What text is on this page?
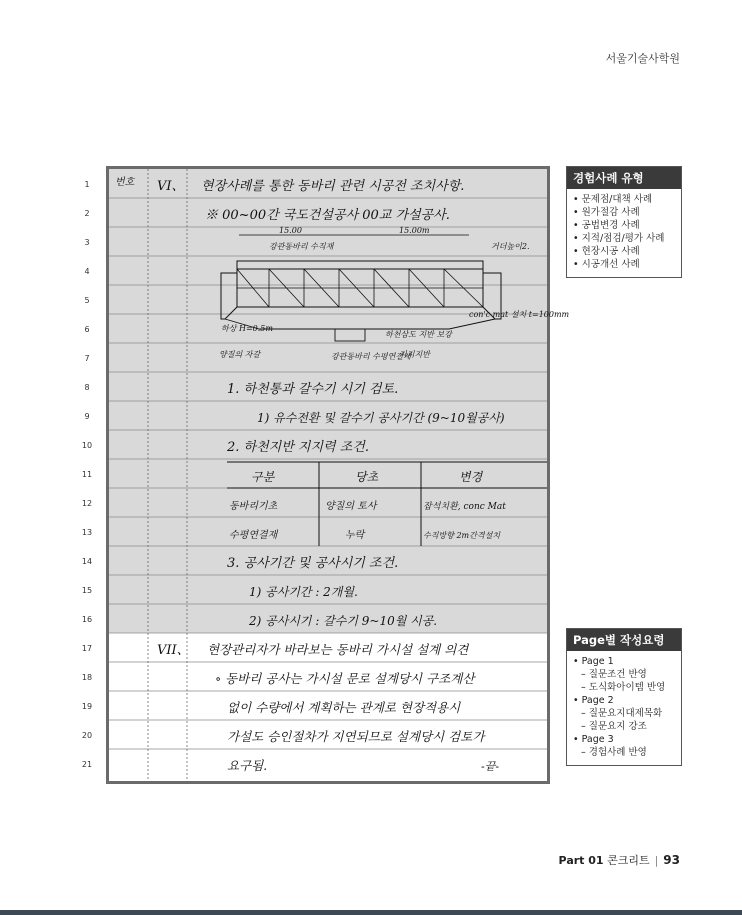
서울기술사학원
1
2
3
4
5
6
7
8
9
10
11
12
13
14
15
16
17
18
19
20
21
번호 VI、 현장사례를 통한 동바리 관련 시공전 조치사항.
※ 00~00간 국도건설공사 00교 가설공사.
15.00	15.00m
강관동바리 수직재	거더높이2.
con'c mat 설치 t=100mm
하천삼도 지반 보강
하상 H=0.5m
양질의 자갈	강관동바리 수평연결재
지지지반
1. 하천통과 갈수기 시기 검토.
1) 유수전환 및 갈수기 공사기간 (9~10월공사)
2. 하천지반 지지력 조건.
구분	당초	변경
동바리기초	양질의 토사	잡석치환, conc Mat
수평연결재	누락	수직방향 2m간격설치
3. 공사기간 및 공사시기 조건.
1) 공사기간 : 2개월.
2) 공사시기 : 갈수기 9~10월 시공.
VII、 현장관리자가 바라보는 동바리 가시설 설계 의견
∘ 동바리 공사는 가시설 문로 설계당시 구조계산
없이 수량에서 계획하는 관계로 현장적용시
가설도 승인절차가 지연되므로 설계당시 검토가
요구됨.	-끝-
경험사례 유형
• 문제점/대책 사례
• 원가절감 사례
• 공법변경 사례
• 지적/점검/평가 사례
• 현장시공 사례
• 시공개선 사례
Page별 작성요령
• Page 1
– 질문조건 반영
– 도식화아이템 반영
• Page 2
– 질문요지대제목화
– 질문요지 강조
• Page 3
– 경험사례 반영
Part 01 콘크리트 | 93
